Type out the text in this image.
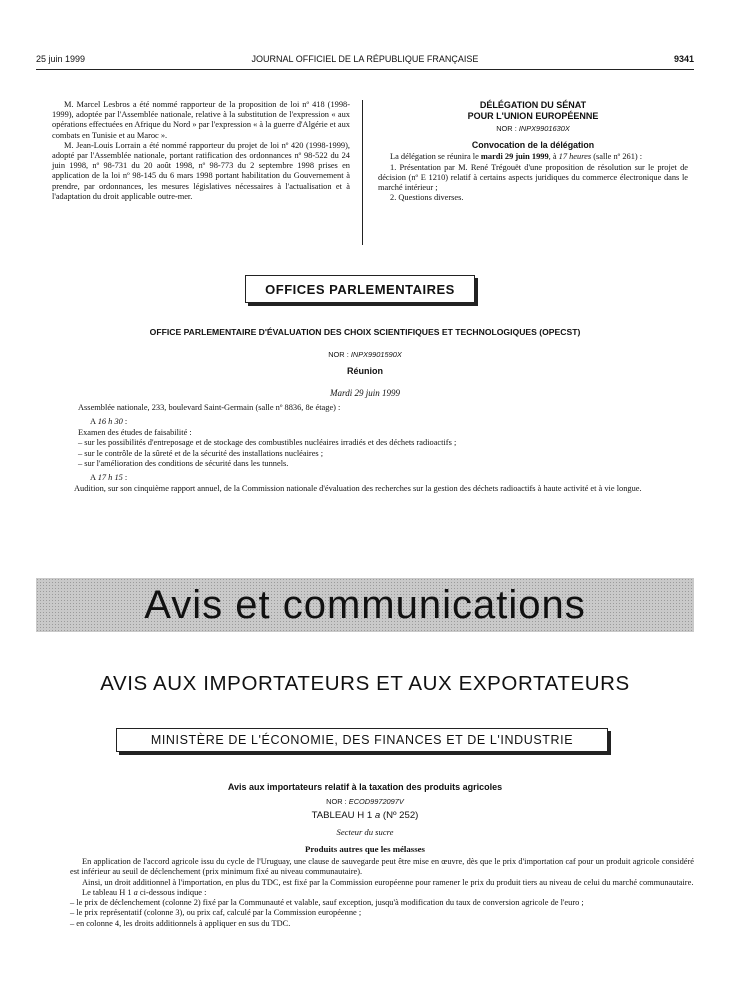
25 juin 1999	JOURNAL OFFICIEL DE LA RÉPUBLIQUE FRANÇAISE	9341

M. Marcel Lesbros a été nommé rapporteur de la proposition de loi nº 418 (1998-1999), adoptée par l'Assemblée nationale, relative à la substitution de l'expression « aux opérations effectuées en Afrique du Nord » par l'expression « à la guerre d'Algérie et aux combats en Tunisie et au Maroc ».

M. Jean-Louis Lorrain a été nommé rapporteur du projet de loi nº 420 (1998-1999), adopté par l'Assemblée nationale, portant ratification des ordonnances nº 98-522 du 24 juin 1998, nº 98-731 du 20 août 1998, nº 98-773 du 2 septembre 1998 prises en application de la loi nº 98-145 du 6 mars 1998 portant habilitation du Gouvernement à prendre, par ordonnances, les mesures législatives nécessaires à l'actualisation et à l'adaptation du droit applicable outre-mer.

DÉLÉGATION DU SÉNAT
POUR L'UNION EUROPÉENNE
NOR : INPX9901630X
Convocation de la délégation

La délégation se réunira le mardi 29 juin 1999, à 17 heures (salle nº 261) :

1. Présentation par M. René Trégouët d'une proposition de résolution sur le projet de décision (nº E 1210) relatif à certains aspects juridiques du commerce électronique dans le marché intérieur ;

2. Questions diverses.

OFFICES PARLEMENTAIRES
OFFICE PARLEMENTAIRE D'ÉVALUATION DES CHOIX SCIENTIFIQUES ET TECHNOLOGIQUES (OPECST)
NOR : INPX9901590X
Réunion
Mardi 29 juin 1999

Assemblée nationale, 233, boulevard Saint-Germain (salle nº 8836, 8e étage) :

A 16 h 30 :

Examen des études de faisabilité :

– sur les possibilités d'entreposage et de stockage des combustibles nucléaires irradiés et des déchets radioactifs ;

– sur le contrôle de la sûreté et de la sécurité des installations nucléaires ;

– sur l'amélioration des conditions de sécurité dans les tunnels.

A 17 h 15 :

Audition, sur son cinquième rapport annuel, de la Commission nationale d'évaluation des recherches sur la gestion des déchets radioactifs à haute activité et à vie longue.

Avis et communications
AVIS AUX IMPORTATEURS ET AUX EXPORTATEURS
MINISTÈRE DE L'ÉCONOMIE, DES FINANCES ET DE L'INDUSTRIE
Avis aux importateurs relatif à la taxation des produits agricoles
NOR : ECOD9972097V
TABLEAU H 1 a (Nº 252)
Secteur du sucre
Produits autres que les mélasses

En application de l'accord agricole issu du cycle de l'Uruguay, une clause de sauvegarde peut être mise en œuvre, dès que le prix d'importation caf pour un produit agricole considéré est inférieur au seuil de déclenchement (prix minimum fixé au niveau communautaire).

Ainsi, un droit additionnel à l'importation, en plus du TDC, est fixé par la Commission européenne pour ramener le prix du produit tiers au niveau de celui du marché communautaire.

Le tableau H 1 a ci-dessous indique :

– le prix de déclenchement (colonne 2) fixé par la Communauté et valable, sauf exception, jusqu'à modification du taux de conversion agricole de l'euro ;

– le prix représentatif (colonne 3), ou prix caf, calculé par la Commission européenne ;

– en colonne 4, les droits additionnels à appliquer en sus du TDC.
